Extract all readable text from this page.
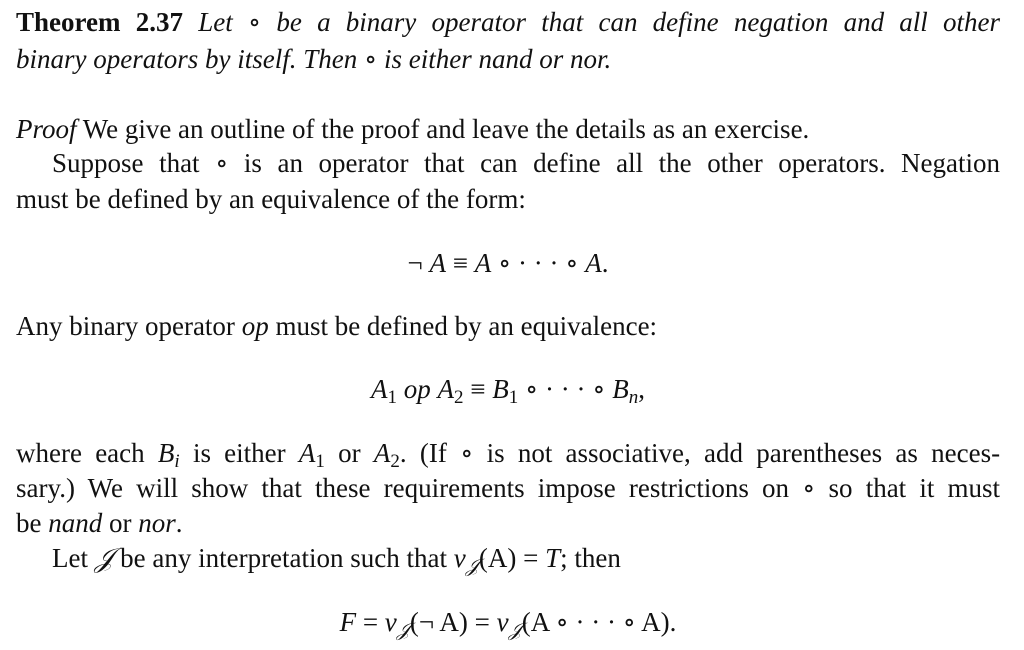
Theorem 2.37 Let ∘ be a binary operator that can define negation and all other
binary operators by itself. Then ∘ is either nand or nor.
Proof We give an outline of the proof and leave the details as an exercise.
Suppose that ∘ is an operator that can define all the other operators. Negation
must be defined by an equivalence of the form:
¬ A ≡ A ∘ · · · ∘ A.
Any binary operator op must be defined by an equivalence:
$A_1$ op $A_2 \equiv B_1$ ∘ · · · ∘ Bn,
where each Bi is either $A_1$ or $A_2$. (If ∘ is not associative, add parentheses as neces-
sary.) We will show that these requirements impose restrictions on ∘ so that it must
be nand or nor.
Let 𝒥 be any interpretation such that v𝒥(A) = T; then
F = v𝒥(¬ A) = v𝒥(A ∘ · · · ∘ A).
